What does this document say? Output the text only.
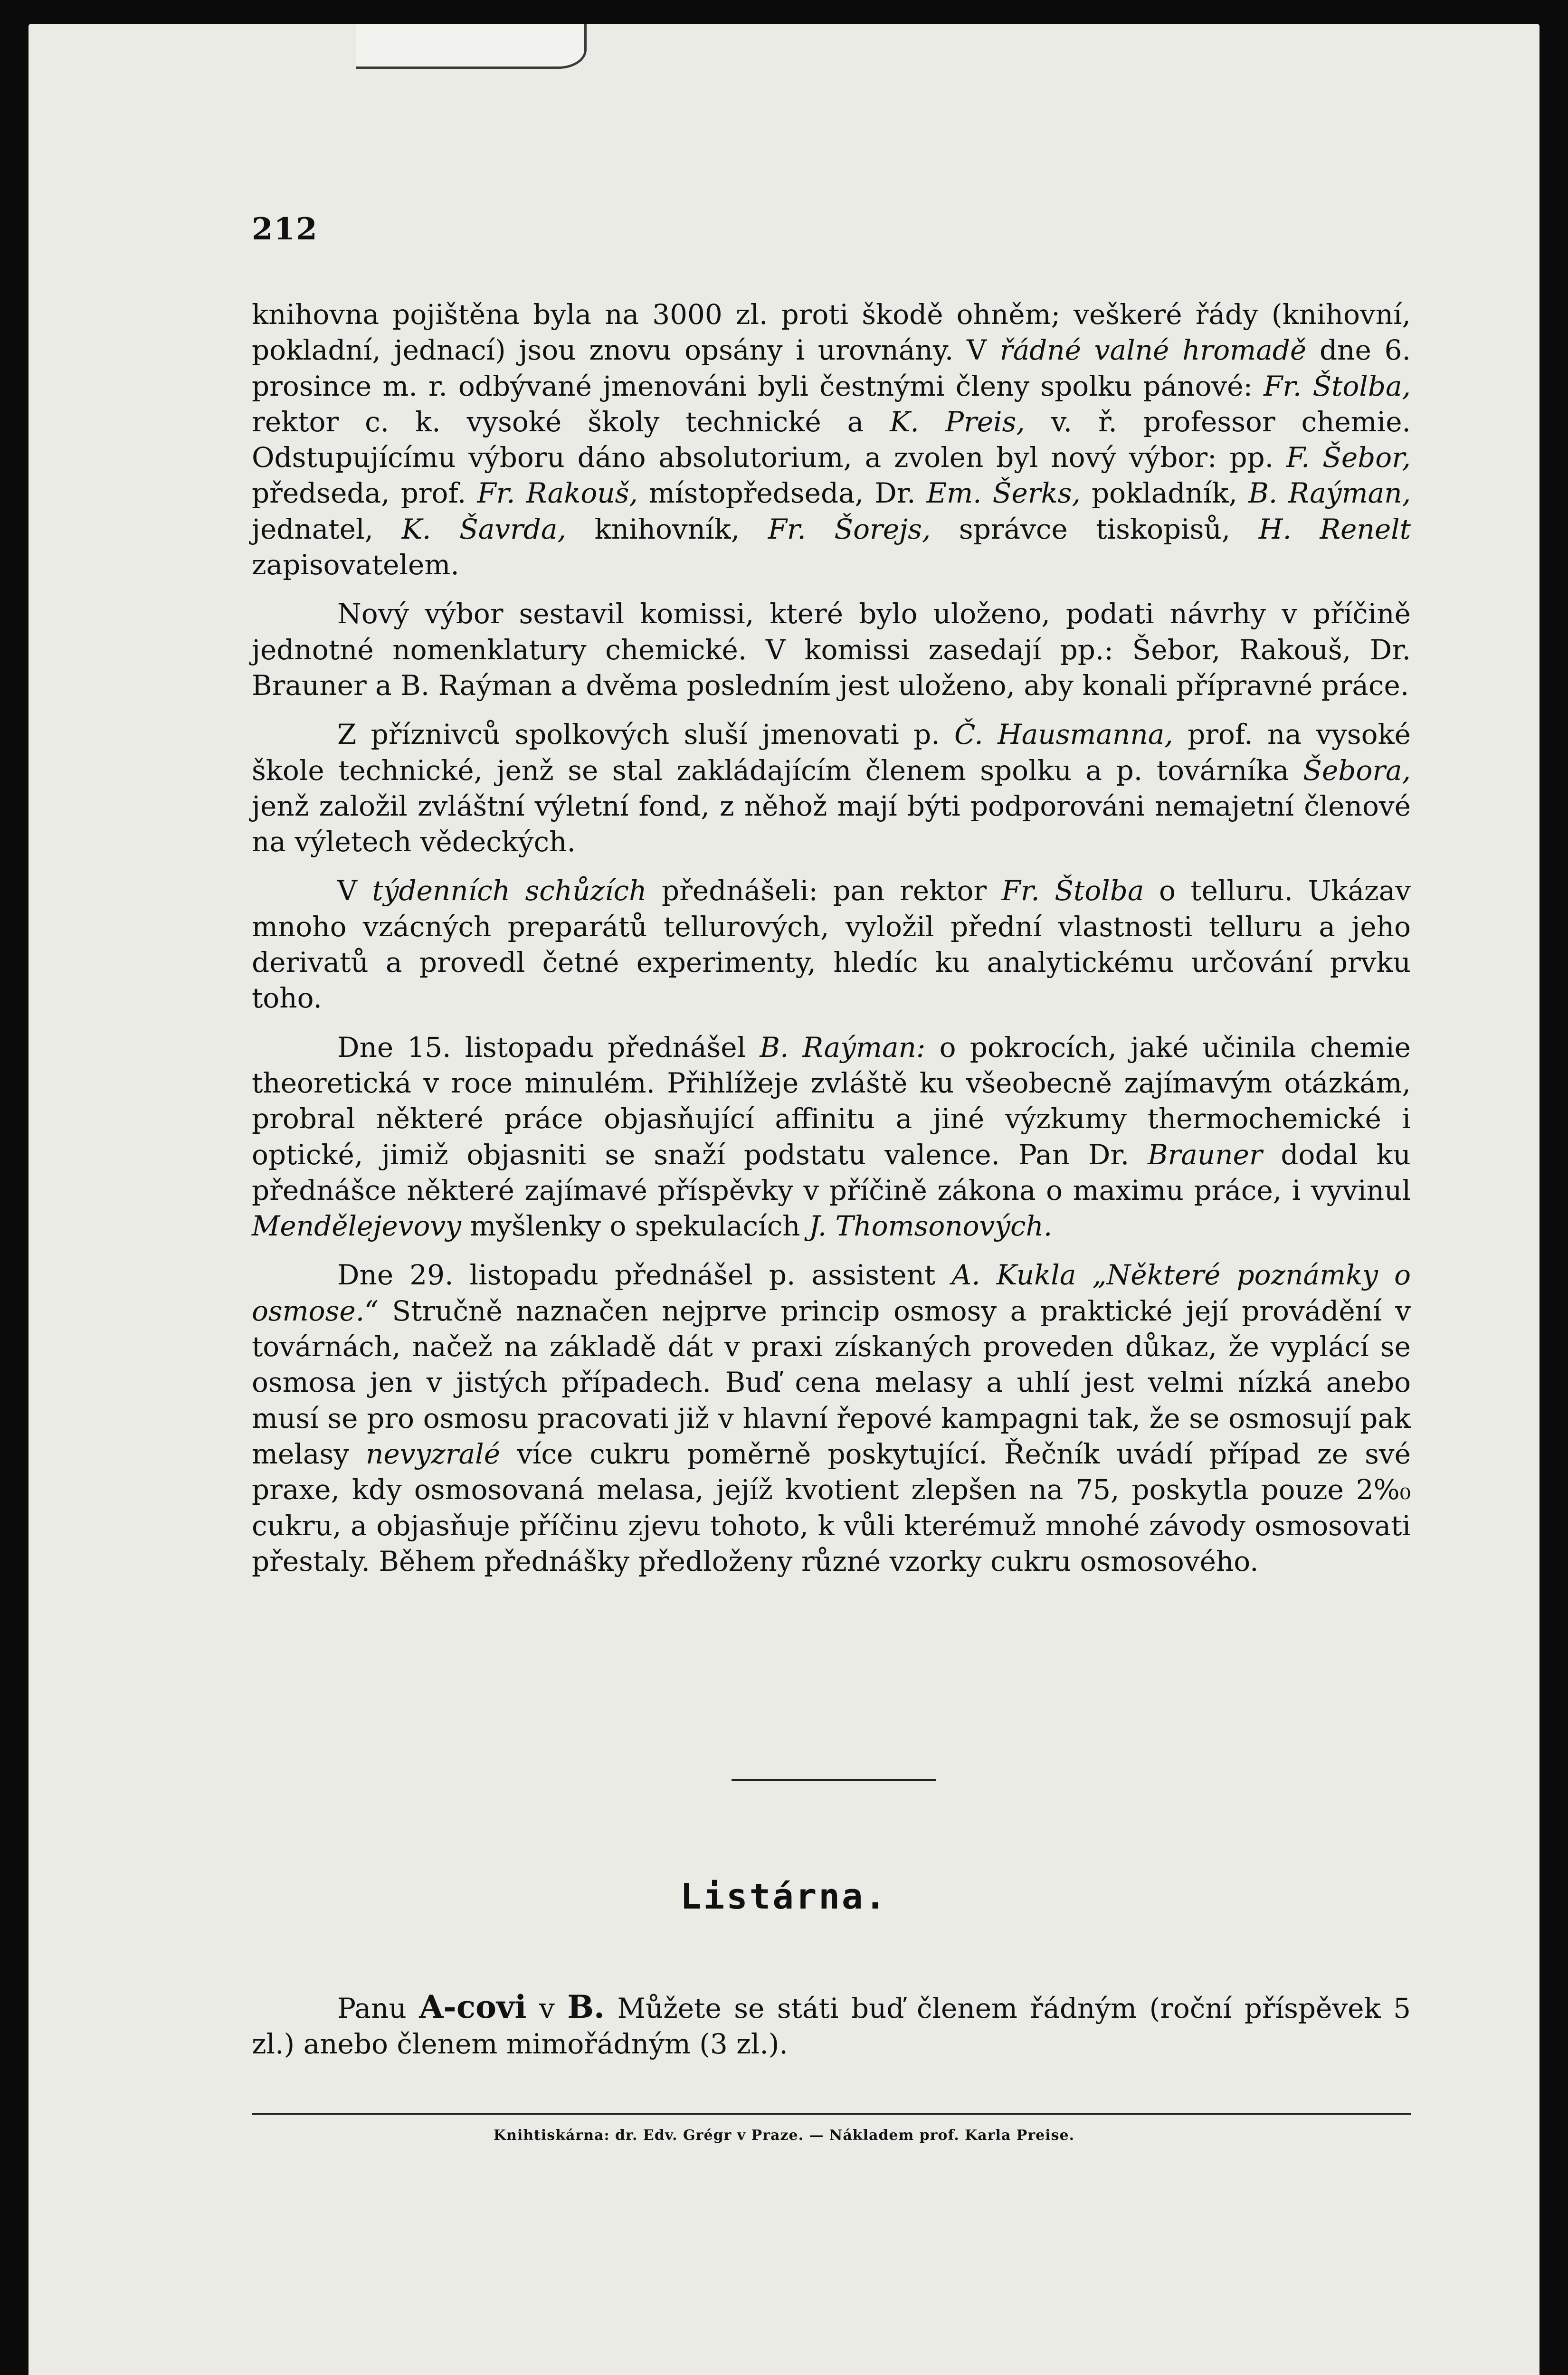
212

knihovna pojištěna byla na 3000 zl. proti škodě ohněm; veškeré řády (knihovní, pokladní, jednací) jsou znovu opsány i urovnány. V řádné valné hromadě dne 6. prosince m. r. odbývané jmenováni byli čestnými členy spolku pánové: Fr. Štolba, rektor c. k. vysoké školy technické a K. Preis, v. ř. professor chemie. Odstupujícímu výboru dáno absolutorium, a zvolen byl nový výbor: pp. F. Šebor, předseda, prof. Fr. Rakouš, místopředseda, Dr. Em. Šerks, pokladník, B. Raýman, jednatel, K. Šavrda, knihovník, Fr. Šorejs, správce tiskopisů, H. Renelt zapisovatelem.

Nový výbor sestavil komissi, které bylo uloženo, podati návrhy v příčině jednotné nomenklatury chemické. V komissi zasedají pp.: Šebor, Rakouš, Dr. Brauner a B. Raýman a dvěma posledním jest uloženo, aby konali přípravné práce.

Z příznivců spolkových sluší jmenovati p. Č. Hausmanna, prof. na vysoké škole technické, jenž se stal zakládajícím členem spolku a p. továrníka Šebora, jenž založil zvláštní výletní fond, z něhož mají býti podporováni nemajetní členové na výletech vědeckých.

V týdenních schůzích přednášeli: pan rektor Fr. Štolba o telluru. Ukázav mnoho vzácných preparátů tellurových, vyložil přední vlastnosti telluru a jeho derivatů a provedl četné experimenty, hledíc ku analytickému určování prvku toho.

Dne 15. listopadu přednášel B. Raýman: o pokrocích, jaké učinila chemie theoretická v roce minulém. Přihlížeje zvláště ku všeobecně zajímavým otázkám, probral některé práce objasňující affinitu a jiné výzkumy thermochemické i optické, jimiž objasniti se snaží podstatu valence. Pan Dr. Brauner dodal ku přednášce některé zajímavé příspěvky v příčině zákona o maximu práce, i vyvinul Mendělejevovy myšlenky o spekulacích J. Thomsonových.

Dne 29. listopadu přednášel p. assistent A. Kukla „Některé poznámky o osmose.“ Stručně naznačen nejprve princip osmosy a praktické její provádění v továrnách, načež na základě dát v praxi získaných proveden důkaz, že vyplácí se osmosa jen v jistých případech. Buď cena melasy a uhlí jest velmi nízká anebo musí se pro osmosu pracovati již v hlavní řepové kampagni tak, že se osmosují pak melasy nevyzralé více cukru poměrně poskytující. Řečník uvádí případ ze své praxe, kdy osmosovaná melasa, jejíž kvotient zlepšen na 75, poskytla pouze 2%₀ cukru, a objasňuje příčinu zjevu tohoto, k vůli kterémuž mnohé závody osmosovati přestaly. Během přednášky předloženy různé vzorky cukru osmosového.

Listárna.

Panu A-covi v B. Můžete se státi buď členem řádným (roční příspěvek 5 zl.) anebo členem mimořádným (3 zl.).

Knihtiskárna: dr. Edv. Grégr v Praze. — Nákladem prof. Karla Preise.
